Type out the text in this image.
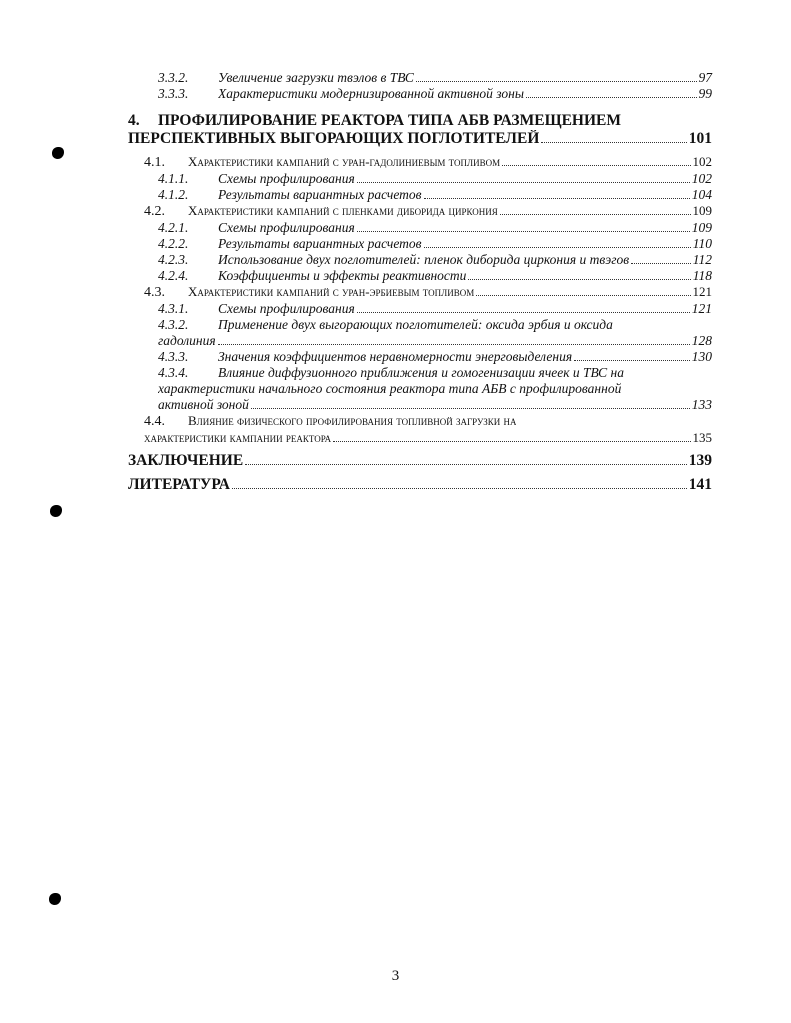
3.3.2.	Увеличение загрузки твэлов в ТВС	97
3.3.3.	Характеристики модернизированной активной зоны	99
4.	ПРОФИЛИРОВАНИЕ РЕАКТОРА ТИПА АБВ РАЗМЕЩЕНИЕМ
ПЕРСПЕКТИВНЫХ ВЫГОРАЮЩИХ ПОГЛОТИТЕЛЕЙ	101
4.1.	Характеристики кампаний с уран-гадолиниевым топливом	102
4.1.1.	Схемы профилирования	102
4.1.2.	Результаты вариантных расчетов	104
4.2.	Характеристики кампаний с пленками диборида циркония	109
4.2.1.	Схемы профилирования	109
4.2.2.	Результаты вариантных расчетов	110
4.2.3.	Использование двух поглотителей: пленок диборида циркония и твэгов	112
4.2.4.	Коэффициенты и эффекты реактивности	118
4.3.	Характеристики кампаний с уран-эрбиевым топливом	121
4.3.1.	Схемы профилирования	121
4.3.2.	Применение двух выгорающих поглотителей: оксида эрбия и оксида
гадолиния	128
4.3.3.	Значения коэффициентов неравномерности энерговыделения	130
4.3.4.	Влияние диффузионного приближения и гомогенизации ячеек и ТВС на
характеристики начального состояния реактора типа АБВ с профилированной
активной зоной	133
4.4.	Влияние физического профилирования топливной загрузки на
характеристики кампании реактора	135
ЗАКЛЮЧЕНИЕ	139
ЛИТЕРАТУРА	141
3
